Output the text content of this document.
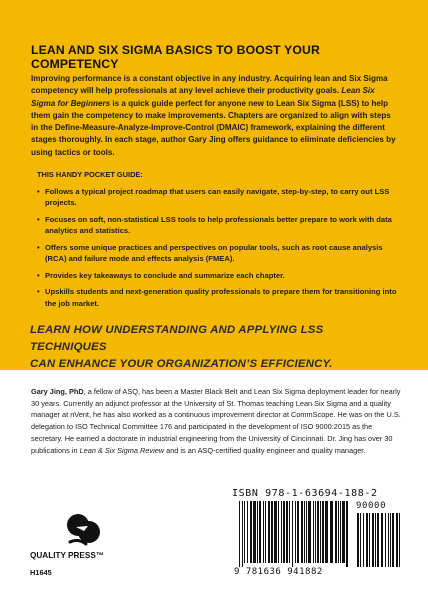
LEAN AND SIX SIGMA BASICS TO BOOST YOUR COMPETENCY

Improving performance is a constant objective in any industry. Acquiring lean and Six Sigma competency will help professionals at any level achieve their productivity goals. Lean Six Sigma for Beginners is a quick guide perfect for anyone new to Lean Six Sigma (LSS) to help them gain the competency to make improvements. Chapters are organized to align with steps in the Define-Measure-Analyze-Improve-Control (DMAIC) framework, explaining the different stages thoroughly. In each stage, author Gary Jing offers guidance to eliminate deficiencies by using tactics or tools.

THIS HANDY POCKET GUIDE:
• Follows a typical project roadmap that users can easily navigate, step-by-step, to carry out LSS projects.
• Focuses on soft, non-statistical LSS tools to help professionals better prepare to work with data analytics and statistics.
• Offers some unique practices and perspectives on popular tools, such as root cause analysis (RCA) and failure mode and effects analysis (FMEA).
• Provides key takeaways to conclude and summarize each chapter.
• Upskills students and next-generation quality professionals to prepare them for transitioning into the job market.
LEARN HOW UNDERSTANDING AND APPLYING LSS TECHNIQUES
CAN ENHANCE YOUR ORGANIZATION’S EFFICIENCY.

Gary Jing, PhD, a fellow of ASQ, has been a Master Black Belt and Lean Six Sigma deployment leader for nearly 30 years. Currently an adjunct professor at the University of St. Thomas teaching Lean Six Sigma and a quality manager at nVent, he has also worked as a continuous improvement director at CommScope. He was on the U.S. delegation to ISO Technical Committee 176 and participated in the development of ISO 9000:2015 as the secretary. He earned a doctorate in industrial engineering from the University of Cincinnati. Dr. Jing has over 30 publications in Lean & Six Sigma Review and is an ASQ-certified quality engineer and quality manager.

QUALITY PRESS™
H1645
ISBN 978-1-63694-188-2
90000
9 781636 941882
